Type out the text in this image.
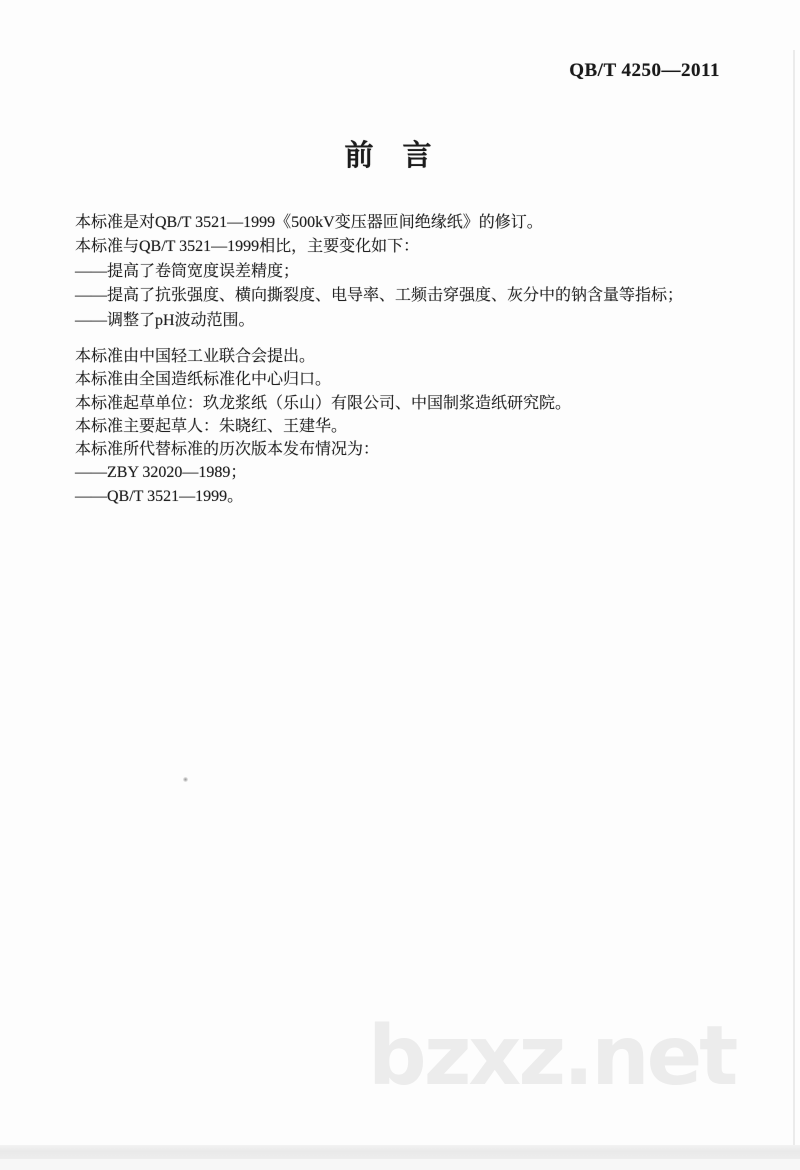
QB/T 4250—2011
前　言
本标准是对QB/T 3521—1999《500kV变压器匝间绝缘纸》的修订。
本标准与QB/T 3521—1999相比，主要变化如下：
——提高了卷筒宽度误差精度；
——提高了抗张强度、横向撕裂度、电导率、工频击穿强度、灰分中的钠含量等指标；
——调整了pH波动范围。
本标准由中国轻工业联合会提出。
本标准由全国造纸标准化中心归口。
本标准起草单位：玖龙浆纸（乐山）有限公司、中国制浆造纸研究院。
本标准主要起草人：朱晓红、王建华。
本标准所代替标准的历次版本发布情况为：
——ZBY 32020—1989；
——QB/T 3521—1999。
bzxz.net
